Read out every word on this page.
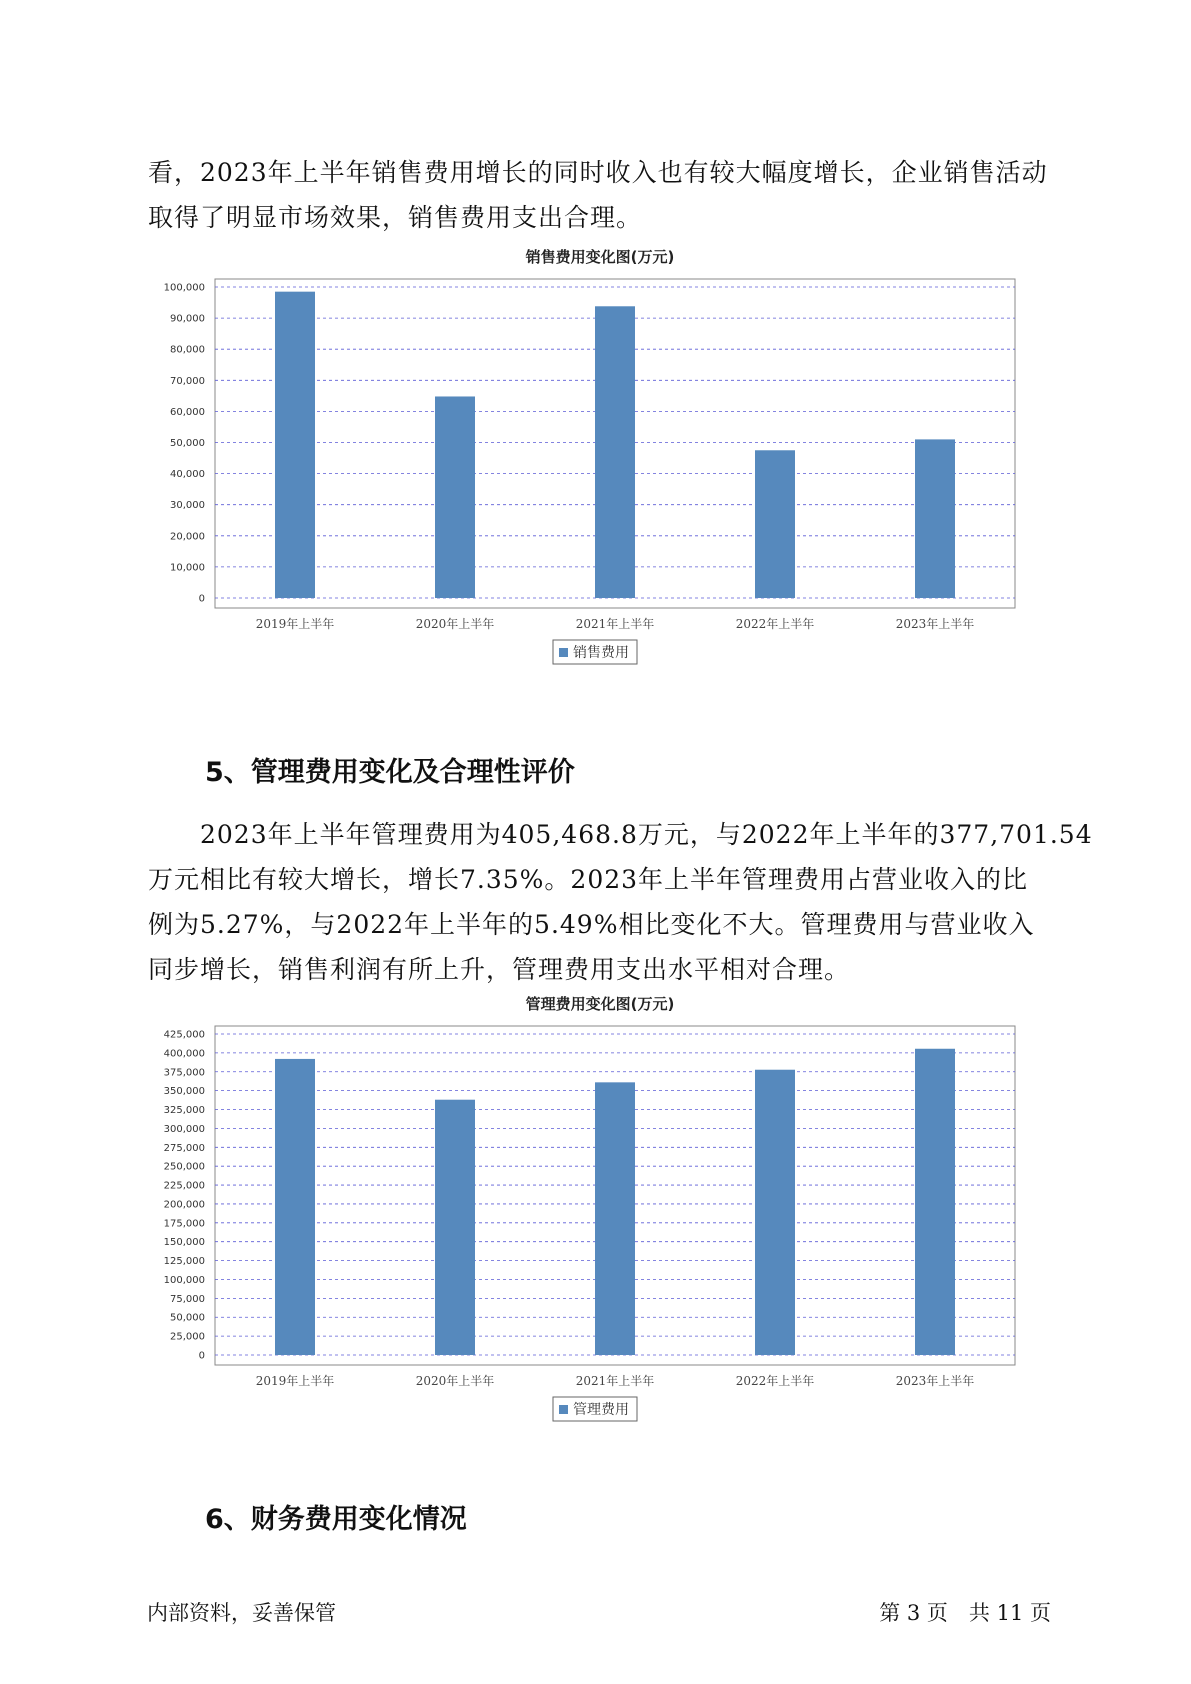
看，2023年上半年销售费用增长的同时收入也有较大幅度增长，企业销售活动取得了明显市场效果，销售费用支出合理。

销售费用变化图(万元)
0
10,000
20,000
30,000
40,000
50,000
60,000
70,000
80,000
90,000
100,000
2019年上半年	2020年上半年	2021年上半年	2022年上半年	2023年上半年
销售费用
5、管理费用变化及合理性评价
　　2023年上半年管理费用为405,468.8万元，与2022年上半年的377,701.54
万元相比有较大增长，增长7.35%。2023年上半年管理费用占营业收入的比
例为5.27%，与2022年上半年的5.49%相比变化不大。管理费用与营业收入
同步增长，销售利润有所上升，管理费用支出水平相对合理。
管理费用变化图(万元)
0
25,000
50,000
75,000
100,000
125,000
150,000
175,000
200,000
225,000
250,000
275,000
300,000
325,000
350,000
375,000
400,000
425,000
2019年上半年	2020年上半年	2021年上半年	2022年上半年	2023年上半年
管理费用
6、财务费用变化情况
内部资料，妥善保管	第 3 页　共 11 页
